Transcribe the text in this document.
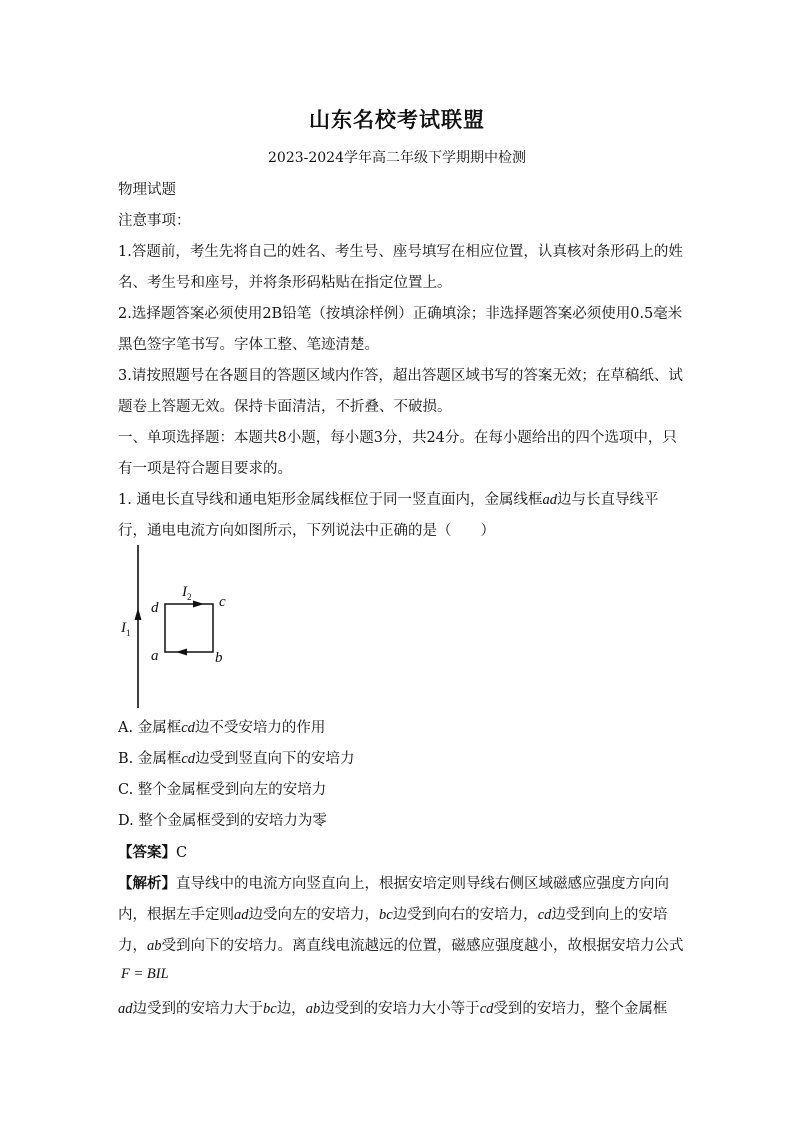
山东名校考试联盟
2023-2024学年高二年级下学期期中检测
物理试题
注意事项：
1.答题前，考生先将自己的姓名、考生号、座号填写在相应位置，认真核对条形码上的姓
名、考生号和座号，并将条形码粘贴在指定位置上。
2.选择题答案必须使用2B铅笔（按填涂样例）正确填涂；非选择题答案必须使用0.5毫米
黑色签字笔书写。字体工整、笔迹清楚。
3.请按照题号在各题目的答题区域内作答，超出答题区域书写的答案无效；在草稿纸、试
题卷上答题无效。保持卡面清洁，不折叠、不破损。
一、单项选择题：本题共8小题，每小题3分，共24分。在每小题给出的四个选项中，只
有一项是符合题目要求的。
1. 通电长直导线和通电矩形金属线框位于同一竖直面内，金属线框ad边与长直导线平
行，通电电流方向如图所示，下列说法中正确的是（　　）
$I_1$
$I_2$
d	c
a	b
A. 金属框cd边不受安培力的作用
B. 金属框cd边受到竖直向下的安培力
C. 整个金属框受到向左的安培力
D. 整个金属框受到的安培力为零
【答案】C
【解析】直导线中的电流方向竖直向上，根据安培定则导线右侧区域磁感应强度方向向
内，根据左手定则ad边受向左的安培力，bc边受到向右的安培力，cd边受到向上的安培
力，ab受到向下的安培力。离直线电流越远的位置，磁感应强度越小，故根据安培力公式
F = BIL
ad边受到的安培力大于bc边，ab边受到的安培力大小等于cd受到的安培力，整个金属框
